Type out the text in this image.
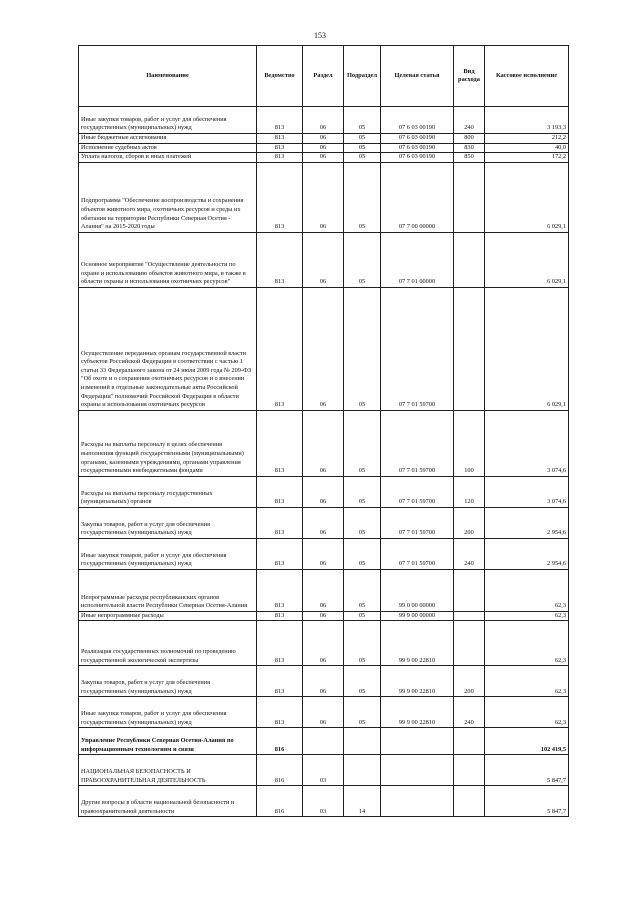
153
Наименование	Ведомство	Раздел	Подраздел	Целевая статья	Вид расхода	Кассовое исполнение
Иные закупки товаров, работ и услуг для обеспечения государственных (муниципальных) нужд	813	06	05	07 6 03 00190	240	3 193,3
Иные бюджетные ассигнования	813	06	05	07 6 03 00190	800	212,2
Исполнение судебных актов	813	06	05	07 6 03 00190	830	40,0
Уплата налогов, сборов и иных платежей	813	06	05	07 6 03 00190	850	172,2
Подпрограмма "Обеспечение воспроизводства и сохранения объектов животного мира, охотничьих ресурсов и среды их обитания на территории Республики Северная Осетия - Алания" на 2015-2020 годы	813	06	05	07 7 00 00000		6 029,1
Основное мероприятие "Осуществление деятельности по охране и использованию объектов животного мира, в также в области охраны и использования охотничьих ресурсов"	813	06	05	07 7 01 00000		6 029,1
Осуществление переданных органам государственной власти субъектов Российской Федерации в соответствии с частью 1 статьи 33 Федерального закона от 24 июля 2009 года № 209-ФЗ "Об охоте и о сохранении охотничьих ресурсов и о внесении изменений в отдельные законодательные акты Российской Федерации" полномочий Российской Федерации в области охраны и использования охотничьих ресурсов	813	06	05	07 7 01 59700		6 029,1
Расходы на выплаты персоналу в целях обеспечения выполнения функций государственными (муниципальными) органами, казенными учреждениями, органами управления государственными внебюджетными фондами	813	06	05	07 7 01 59700	100	3 074,6
Расходы на выплаты персоналу государственных (муниципальных) органов	813	06	05	07 7 01 59700	120	3 074,6
Закупка товаров, работ и услуг для обеспечения государственных (муниципальных) нужд	813	06	05	07 7 01 59700	200	2 954,6
Иные закупки товаров, работ и услуг для обеспечения государственных (муниципальных) нужд	813	06	05	07 7 01 59700	240	2 954,6
Непрограммные расходы республиканских органов исполнительной власти Республики Северная Осетия-Алания	813	06	05	99 0 00 00000		62,3
Иные непрограммные расходы	813	06	05	99 9 00 00000		62,3
Реализация государственных полномочий по проведению государственной экологической экспертизы	813	06	05	99 9 00 22810		62,3
Закупка товаров, работ и услуг для обеспечения государственных (муниципальных) нужд	813	06	05	99 9 00 22810	200	62,3
Иные закупки товаров, работ и услуг для обеспечения государственных (муниципальных) нужд	813	06	05	99 9 00 22810	240	62,3
Управление Республики Северная Осетия-Алания по информационным технологиям и связи	816					102 419,5
НАЦИОНАЛЬНАЯ БЕЗОПАСНОСТЬ И ПРАВООХРАНИТЕЛЬНАЯ ДЕЯТЕЛЬНОСТЬ	816	03				5 847,7
Другие вопросы в области национальной безопасности и правоохранительной деятельности	816	03	14			5 847,7
